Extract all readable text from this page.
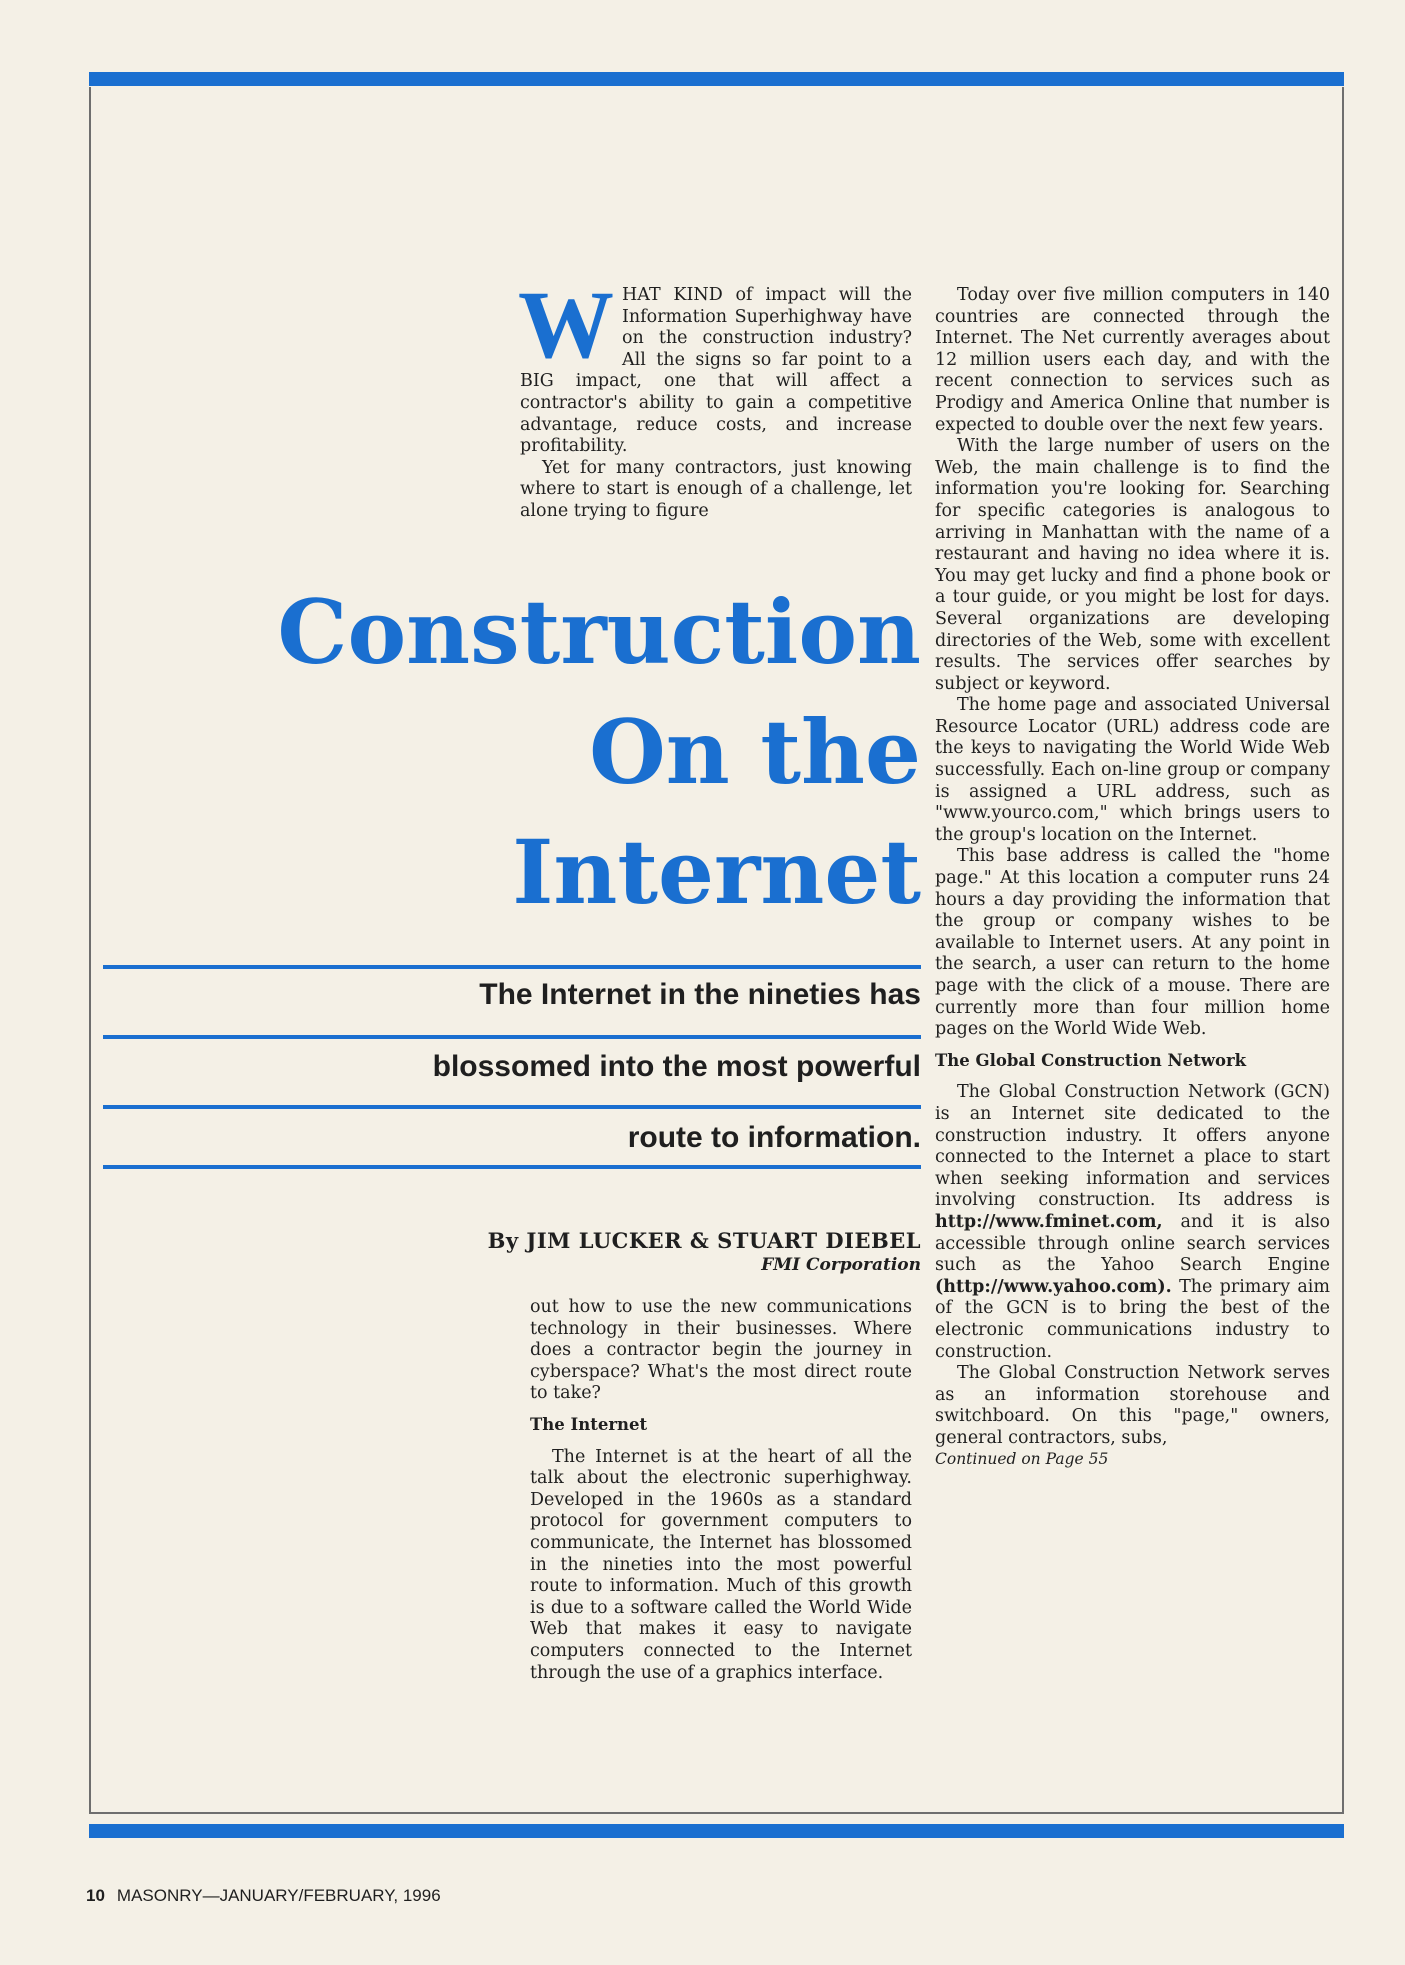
WHAT KIND of impact will the Information Superhighway have on the construction industry? All the signs so far point to a BIG impact, one that will affect a contractor's ability to gain a competitive advantage, reduce costs, and increase profitability.

Yet for many contractors, just knowing where to start is enough of a challenge, let alone trying to figure

Construction
On the
Internet
The Internet in the nineties has
blossomed into the most powerful
route to information.
By JIM LUCKER & STUART DIEBEL
FMI Corporation

out how to use the new communications technology in their businesses. Where does a contractor begin the journey in cyberspace? What's the most direct route to take?

The Internet

The Internet is at the heart of all the talk about the electronic superhighway. Developed in the 1960s as a standard protocol for government computers to communicate, the Internet has blossomed in the nineties into the most powerful route to information. Much of this growth is due to a software called the World Wide Web that makes it easy to navigate computers connected to the Internet through the use of a graphics interface.

Today over five million computers in 140 countries are connected through the Internet. The Net currently averages about 12 million users each day, and with the recent connection to services such as Prodigy and America Online that number is expected to double over the next few years.

With the large number of users on the Web, the main challenge is to find the information you're looking for. Searching for specific categories is analogous to arriving in Manhattan with the name of a restaurant and having no idea where it is. You may get lucky and find a phone book or a tour guide, or you might be lost for days. Several organizations are developing directories of the Web, some with excellent results. The services offer searches by subject or keyword.

The home page and associated Universal Resource Locator (URL) address code are the keys to navigating the World Wide Web successfully. Each on-line group or company is assigned a URL address, such as "www.yourco.com," which brings users to the group's location on the Internet.

This base address is called the "home page." At this location a computer runs 24 hours a day providing the information that the group or company wishes to be available to Internet users. At any point in the search, a user can return to the home page with the click of a mouse. There are currently more than four million home pages on the World Wide Web.

The Global Construction Network

The Global Construction Network (GCN) is an Internet site dedicated to the construction industry. It offers anyone connected to the Internet a place to start when seeking information and services involving construction. Its address is http://www.fminet.com, and it is also accessible through online search services such as the Yahoo Search Engine (http://www.yahoo.com). The primary aim of the GCN is to bring the best of the electronic communications industry to construction.

The Global Construction Network serves as an information storehouse and switchboard. On this "page," owners, general contractors, subs,

Continued on Page 55

10 MASONRY—JANUARY/FEBRUARY, 1996
